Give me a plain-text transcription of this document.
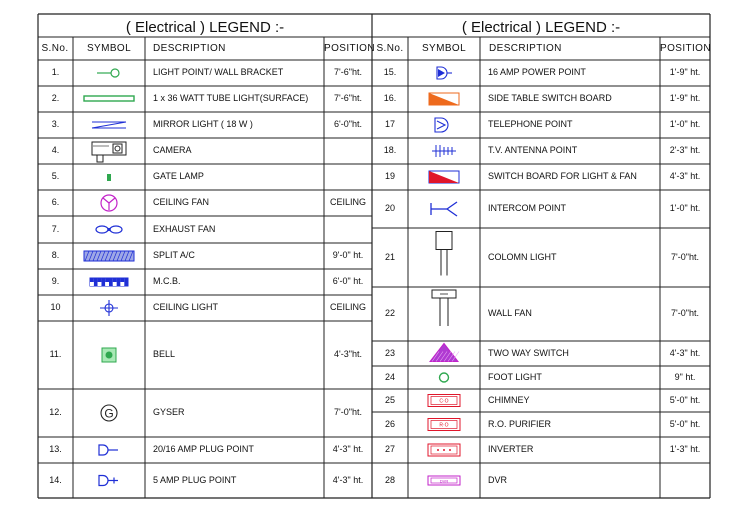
G
C·O
R·O
DVR
( Electrical ) LEGEND :-	( Electrical ) LEGEND :-
S.No.	SYMBOL	DESCRIPTION	POSITION S.No.	SYMBOL	DESCRIPTION	POSITION
1.	LIGHT POINT/ WALL BRACKET	7'-6"ht.
2.	1 x 36 WATT TUBE LIGHT(SURFACE)	7'-6"ht.
3.	MIRROR LIGHT ( 18 W )	6'-0"ht.
4.	CAMERA
5.	GATE LAMP
6.	CEILING FAN	CEILING
7.	EXHAUST FAN
8.	SPLIT A/C	9'-0" ht.
9.	M.C.B.	6'-0" ht.
10	CEILING LIGHT	CEILING
11.	BELL	4'-3"ht.
12.	GYSER	7'-0"ht.
13.	20/16 AMP PLUG POINT	4'-3" ht.
14.	5 AMP PLUG POINT	4'-3" ht.
15.	16 AMP POWER POINT	1'-9" ht.
16.	SIDE TABLE SWITCH BOARD	1'-9" ht.
17	TELEPHONE POINT	1'-0" ht.
18.	T.V. ANTENNA POINT	2'-3" ht.
19	SWITCH BOARD FOR LIGHT & FAN	4'-3" ht.
20	INTERCOM POINT	1'-0" ht.
21	COLOMN LIGHT	7'-0"ht.
22	WALL FAN	7'-0"ht.
23	TWO WAY SWITCH	4'-3" ht.
24	FOOT LIGHT	9" ht.
25	CHIMNEY	5'-0" ht.
26	R.O. PURIFIER	5'-0" ht.
27	INVERTER	1'-3" ht.
28	DVR
